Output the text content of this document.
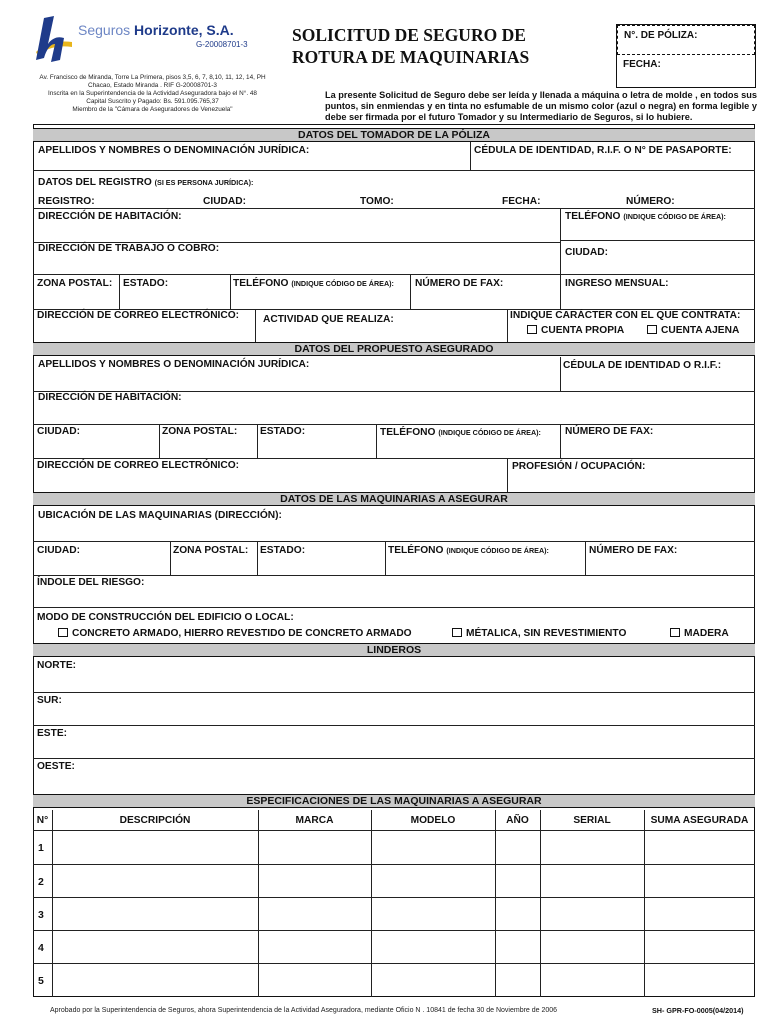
Seguros Horizonte, S.A.
G-20008701-3
Av. Francisco de Miranda, Torre La Primera, pisos 3,5, 6, 7, 8,10, 11, 12, 14, PH
Chacao, Estado Miranda . RIF G-20008701-3
Inscrita en la Superintendencia de la Actividad Aseguradora bajo el N°. 48
Capital Suscrito y Pagado: Bs. 591.095.765,37
Miembro de la "Cámara de Aseguradores de Venezuela"
SOLICITUD DE SEGURO DE
ROTURA DE MAQUINARIAS
N°. DE PÓLIZA:
FECHA:
La presente Solicitud de Seguro debe ser leída y llenada a máquina o letra de molde , en todos sus puntos, sin enmiendas y en tinta no esfumable de un mismo color (azul o negra) en forma legible y debe ser firmada por el futuro Tomador y su Intermediario de Seguros, si lo hubiere.
DATOS DEL TOMADOR DE LA PÓLIZA
APELLIDOS Y NOMBRES O DENOMINACIÓN JURÍDICA:	CÉDULA DE IDENTIDAD, R.I.F. O N° DE PASAPORTE:
DATOS DEL REGISTRO (SI ES PERSONA JURÍDICA):
REGISTRO:	CIUDAD:	TOMO:	FECHA:	NÚMERO:
DIRECCIÓN DE HABITACIÓN:	TELÉFONO (INDIQUE CÓDIGO DE ÁREA):
DIRECCIÓN DE TRABAJO O COBRO:	CIUDAD:
ZONA POSTAL: ESTADO:	TELÉFONO (INDIQUE CÓDIGO DE ÁREA): NÚMERO DE FAX:	INGRESO MENSUAL:
DIRECCIÓN DE CORREO ELECTRÓNICO: ACTIVIDAD QUE REALIZA:	INDIQUE CARÁCTER CON EL QUE CONTRATA:
CUENTA PROPIA	CUENTA AJENA
DATOS DEL PROPUESTO ASEGURADO
APELLIDOS Y NOMBRES O DENOMINACIÓN JURÍDICA:	CÉDULA DE IDENTIDAD O R.I.F.:
DIRECCIÓN DE HABITACIÓN:
CIUDAD:	ZONA POSTAL: ESTADO:	TELÉFONO (INDIQUE CÓDIGO DE ÁREA): NÚMERO DE FAX:
DIRECCIÓN DE CORREO ELECTRÓNICO:	PROFESIÓN / OCUPACIÓN:
DATOS DE LAS MAQUINARIAS A ASEGURAR
UBICACIÓN DE LAS MAQUINARIAS (DIRECCIÓN):
CIUDAD:	ZONA POSTAL: ESTADO:	TELÉFONO (INDIQUE CÓDIGO DE ÁREA):	NÚMERO DE FAX:
ÍNDOLE DEL RIESGO:
MODO DE CONSTRUCCIÓN DEL EDIFICIO O LOCAL:
CONCRETO ARMADO, HIERRO REVESTIDO DE CONCRETO ARMADO	MÉTALICA, SIN REVESTIMIENTO	MADERA
LINDEROS
NORTE:
SUR:
ESTE:
OESTE:
ESPECIFICACIONES DE LAS MAQUINARIAS A ASEGURAR
N°	DESCRIPCIÓN	MARCA	MODELO	AÑO	SERIAL	SUMA ASEGURADA
1
2
3
4
5
Aprobado por la Superintendencia de Seguros, ahora Superintendencia de la Actividad Aseguradora, mediante Oficio N . 10841 de fecha 30 de Noviembre de 2006	SH- GPR-FO-0005(04/2014)
